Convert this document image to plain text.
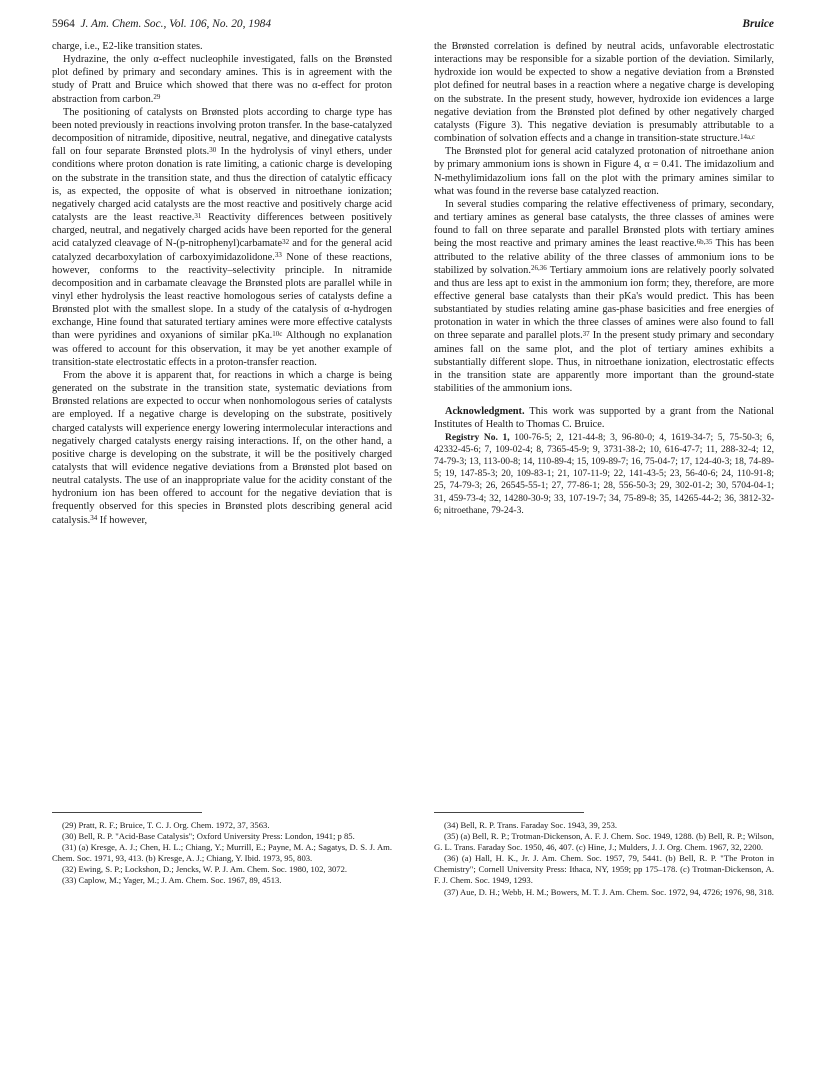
5964 J. Am. Chem. Soc., Vol. 106, No. 20, 1984	Bruice

charge, i.e., E2-like transition states.

Hydrazine, the only α-effect nucleophile investigated, falls on the Brønsted plot defined by primary and secondary amines. This is in agreement with the study of Pratt and Bruice which showed that there was no α-effect for proton abstraction from carbon.$^{29}$

The positioning of catalysts on Brønsted plots according to charge type has been noted previously in reactions involving proton transfer. In the base-catalyzed decomposition of nitramide, dipositive, neutral, negative, and dinegative catalysts fall on four separate Brønsted plots.$^{30}$ In the hydrolysis of vinyl ethers, under conditions where proton donation is rate limiting, a cationic charge is developing on the substrate in the transition state, and thus the direction of catalytic efficacy is, as expected, the opposite of what is observed in nitroethane ionization; negatively charged acid catalysts are the most reactive and positively charge acid catalysts are the least reactive.$^{31}$ Reactivity differences between positively charged, neutral, and negatively charged acids have been reported for the general acid catalyzed cleavage of N-(p-nitrophenyl)carbamate$^{32}$ and for the general acid catalyzed decarboxylation of carboxyimidazolidone.$^{33}$ None of these reactions, however, conforms to the reactivity–selectivity principle. In nitramide decomposition and in carbamate cleavage the Brønsted plots are parallel while in vinyl ether hydrolysis the least reactive homologous series of catalysts define a Brønsted plot with the smallest slope. In a study of the catalysis of α-hydrogen exchange, Hine found that saturated tertiary amines were more effective catalysts than were pyridines and oxyanions of similar pKa.$^{10c}$ Although no explanation was offered to account for this observation, it may be yet another example of transition-state electrostatic effects in a proton-transfer reaction.

From the above it is apparent that, for reactions in which a charge is being generated on the substrate in the transition state, systematic deviations from Brønsted relations are expected to occur when nonhomologous series of catalysts are employed. If a negative charge is developing on the substrate, positively charged catalysts will experience energy lowering intermolecular interactions and negatively charged catalysts energy raising interactions. If, on the other hand, a positive charge is developing on the substrate, it will be the positively charged catalysts that will evidence negative deviations from a Brønsted plot based on neutral catalysts. The use of an inappropriate value for the acidity constant of the hydronium ion has been offered to account for the negative deviation that is frequently observed for this species in Brønsted plots describing general acid catalysis.$^{34}$ If however,

the Brønsted correlation is defined by neutral acids, unfavorable electrostatic interactions may be responsible for a sizable portion of the deviation. Similarly, hydroxide ion would be expected to show a negative deviation from a Brønsted plot defined for neutral bases in a reaction where a negative charge is developing on the substrate. In the present study, however, hydroxide ion evidences a large negative deviation from the Brønsted plot defined by other negatively charged catalysts (Figure 3). This negative deviation is presumably attributable to a combination of solvation effects and a change in transition-state structure.$^{14a,c}$

The Brønsted plot for general acid catalyzed protonation of nitroethane anion by primary ammonium ions is shown in Figure 4, α = 0.41. The imidazolium and N-methylimidazolium ions fall on the plot with the primary amines similar to what was found in the reverse base catalyzed reaction.

In several studies comparing the relative effectiveness of primary, secondary, and tertiary amines as general base catalysts, the three classes of amines were found to fall on three separate and parallel Brønsted plots with tertiary amines being the most reactive and primary amines the least reactive.$^{6b,35}$ This has been attributed to the relative ability of the three classes of ammonium ions to be stabilized by solvation.$^{26,36}$ Tertiary ammoium ions are relatively poorly solvated and thus are less apt to exist in the ammonium ion form; they, therefore, are more effective general base catalysts than their pKa's would predict. This has been substantiated by studies relating amine gas-phase basicities and free energies of protonation in water in which the three classes of amines were also found to fall on three separate and parallel plots.$^{37}$ In the present study primary and secondary amines fall on the same plot, and the plot of tertiary amines exhibits a substantially different slope. Thus, in nitroethane ionization, electrostatic effects in the transition state are apparently more important than the ground-state stabilities of the ammonium ions.

Acknowledgment. This work was supported by a grant from the National Institutes of Health to Thomas C. Bruice.

Registry No. 1, 100-76-5; 2, 121-44-8; 3, 96-80-0; 4, 1619-34-7; 5, 75-50-3; 6, 42332-45-6; 7, 109-02-4; 8, 7365-45-9; 9, 3731-38-2; 10, 616-47-7; 11, 288-32-4; 12, 74-79-3; 13, 113-00-8; 14, 110-89-4; 15, 109-89-7; 16, 75-04-7; 17, 124-40-3; 18, 74-89-5; 19, 147-85-3; 20, 109-83-1; 21, 107-11-9; 22, 141-43-5; 23, 56-40-6; 24, 110-91-8; 25, 74-79-3; 26, 26545-55-1; 27, 77-86-1; 28, 556-50-3; 29, 302-01-2; 30, 5704-04-1; 31, 459-73-4; 32, 14280-30-9; 33, 107-19-7; 34, 75-89-8; 35, 14265-44-2; 36, 3812-32-6; nitroethane, 79-24-3.

(29) Pratt, R. F.; Bruice, T. C. J. Org. Chem. 1972, 37, 3563.

(30) Bell, R. P. "Acid-Base Catalysis"; Oxford University Press: London, 1941; p 85.

(31) (a) Kresge, A. J.; Chen, H. L.; Chiang, Y.; Murrill, E.; Payne, M. A.; Sagatys, D. S. J. Am. Chem. Soc. 1971, 93, 413. (b) Kresge, A. J.; Chiang, Y. Ibid. 1973, 95, 803.

(32) Ewing, S. P.; Lockshon, D.; Jencks, W. P. J. Am. Chem. Soc. 1980, 102, 3072.

(33) Caplow, M.; Yager, M.; J. Am. Chem. Soc. 1967, 89, 4513.

(34) Bell, R. P. Trans. Faraday Soc. 1943, 39, 253.

(35) (a) Bell, R. P.; Trotman-Dickenson, A. F. J. Chem. Soc. 1949, 1288. (b) Bell, R. P.; Wilson, G. L. Trans. Faraday Soc. 1950, 46, 407. (c) Hine, J.; Mulders, J. J. Org. Chem. 1967, 32, 2200.

(36) (a) Hall, H. K., Jr. J. Am. Chem. Soc. 1957, 79, 5441. (b) Bell, R. P. "The Proton in Chemistry"; Cornell University Press: Ithaca, NY, 1959; pp 175–178. (c) Trotman-Dickenson, A. F. J. Chem. Soc. 1949, 1293.

(37) Aue, D. H.; Webb, H. M.; Bowers, M. T. J. Am. Chem. Soc. 1972, 94, 4726; 1976, 98, 318.
